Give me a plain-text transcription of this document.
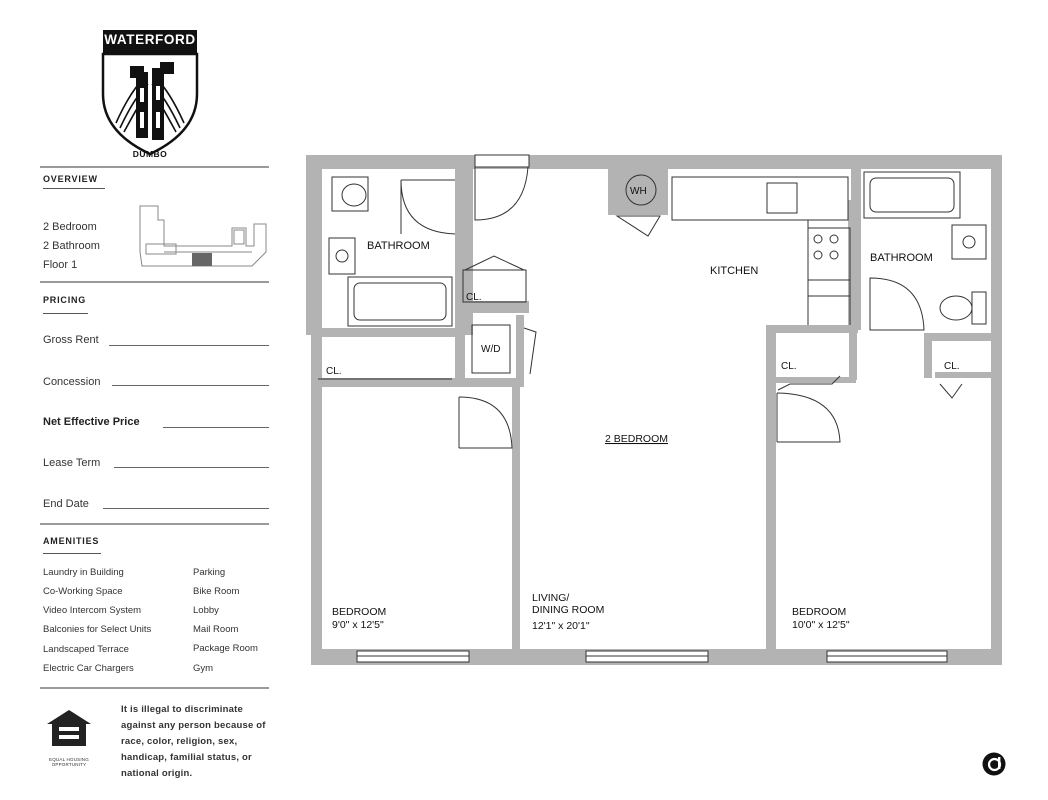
WATERFORD
DUMBO
OVERVIEW
2 Bedroom
2 Bathroom
Floor 1
PRICING
Gross Rent
Concession
Net Effective Price
Lease Term
End Date
AMENITIES
Laundry in Building
Co-Working Space
Video Intercom System
Balconies for Select Units
Landscaped Terrace
Electric Car Chargers
Parking
Bike Room
Lobby
Mail Room
Package Room
Gym
EQUAL HOUSING OPPORTUNITY
It is illegal to discriminate against any person because of race, color, religion, sex, handicap, familial status, or national origin.
BATHROOM
KITCHEN
BATHROOM
WH
W/D
CL.
CL.	CL.	CL.
2 BEDROOM
BEDROOM
9'0" x 12'5"
LIVING/
DINING ROOM
12'1" x 20'1"
BEDROOM
10'0" x 12'5"
